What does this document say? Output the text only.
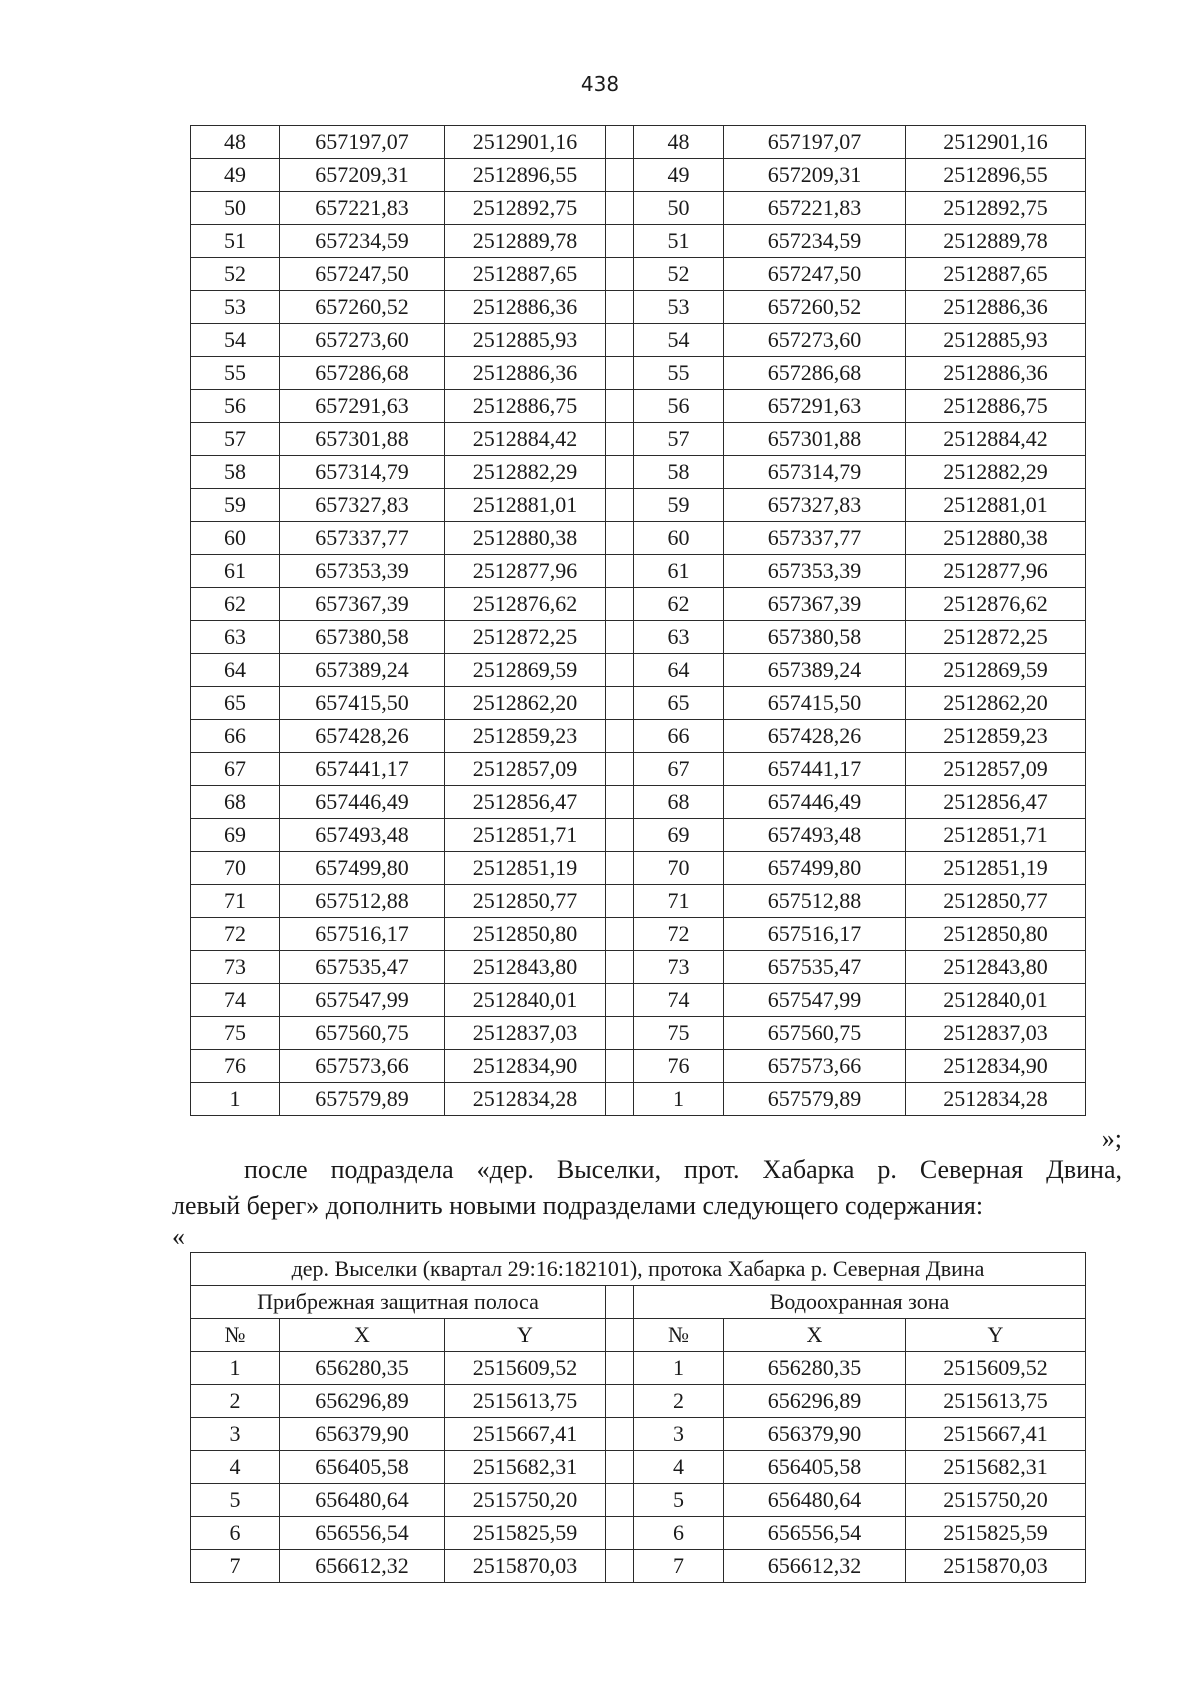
438
48	657197,07	2512901,16		48	657197,07	2512901,16
49	657209,31	2512896,55		49	657209,31	2512896,55
50	657221,83	2512892,75		50	657221,83	2512892,75
51	657234,59	2512889,78		51	657234,59	2512889,78
52	657247,50	2512887,65		52	657247,50	2512887,65
53	657260,52	2512886,36		53	657260,52	2512886,36
54	657273,60	2512885,93		54	657273,60	2512885,93
55	657286,68	2512886,36		55	657286,68	2512886,36
56	657291,63	2512886,75		56	657291,63	2512886,75
57	657301,88	2512884,42		57	657301,88	2512884,42
58	657314,79	2512882,29		58	657314,79	2512882,29
59	657327,83	2512881,01		59	657327,83	2512881,01
60	657337,77	2512880,38		60	657337,77	2512880,38
61	657353,39	2512877,96		61	657353,39	2512877,96
62	657367,39	2512876,62		62	657367,39	2512876,62
63	657380,58	2512872,25		63	657380,58	2512872,25
64	657389,24	2512869,59		64	657389,24	2512869,59
65	657415,50	2512862,20		65	657415,50	2512862,20
66	657428,26	2512859,23		66	657428,26	2512859,23
67	657441,17	2512857,09		67	657441,17	2512857,09
68	657446,49	2512856,47		68	657446,49	2512856,47
69	657493,48	2512851,71		69	657493,48	2512851,71
70	657499,80	2512851,19		70	657499,80	2512851,19
71	657512,88	2512850,77		71	657512,88	2512850,77
72	657516,17	2512850,80		72	657516,17	2512850,80
73	657535,47	2512843,80		73	657535,47	2512843,80
74	657547,99	2512840,01		74	657547,99	2512840,01
75	657560,75	2512837,03		75	657560,75	2512837,03
76	657573,66	2512834,90		76	657573,66	2512834,90
1	657579,89	2512834,28		1	657579,89	2512834,28
»;
после подраздела «дер. Выселки, прот. Хабарка р. Северная Двина,
левый берег» дополнить новыми подразделами следующего содержания:
«
дер. Выселки (квартал 29:16:182101), протока Хабарка р. Северная Двина						
Прибрежная защитная полоса				Водоохранная зона		
№	X	Y		№	X	Y
1	656280,35	2515609,52		1	656280,35	2515609,52
2	656296,89	2515613,75		2	656296,89	2515613,75
3	656379,90	2515667,41		3	656379,90	2515667,41
4	656405,58	2515682,31		4	656405,58	2515682,31
5	656480,64	2515750,20		5	656480,64	2515750,20
6	656556,54	2515825,59		6	656556,54	2515825,59
7	656612,32	2515870,03		7	656612,32	2515870,03
